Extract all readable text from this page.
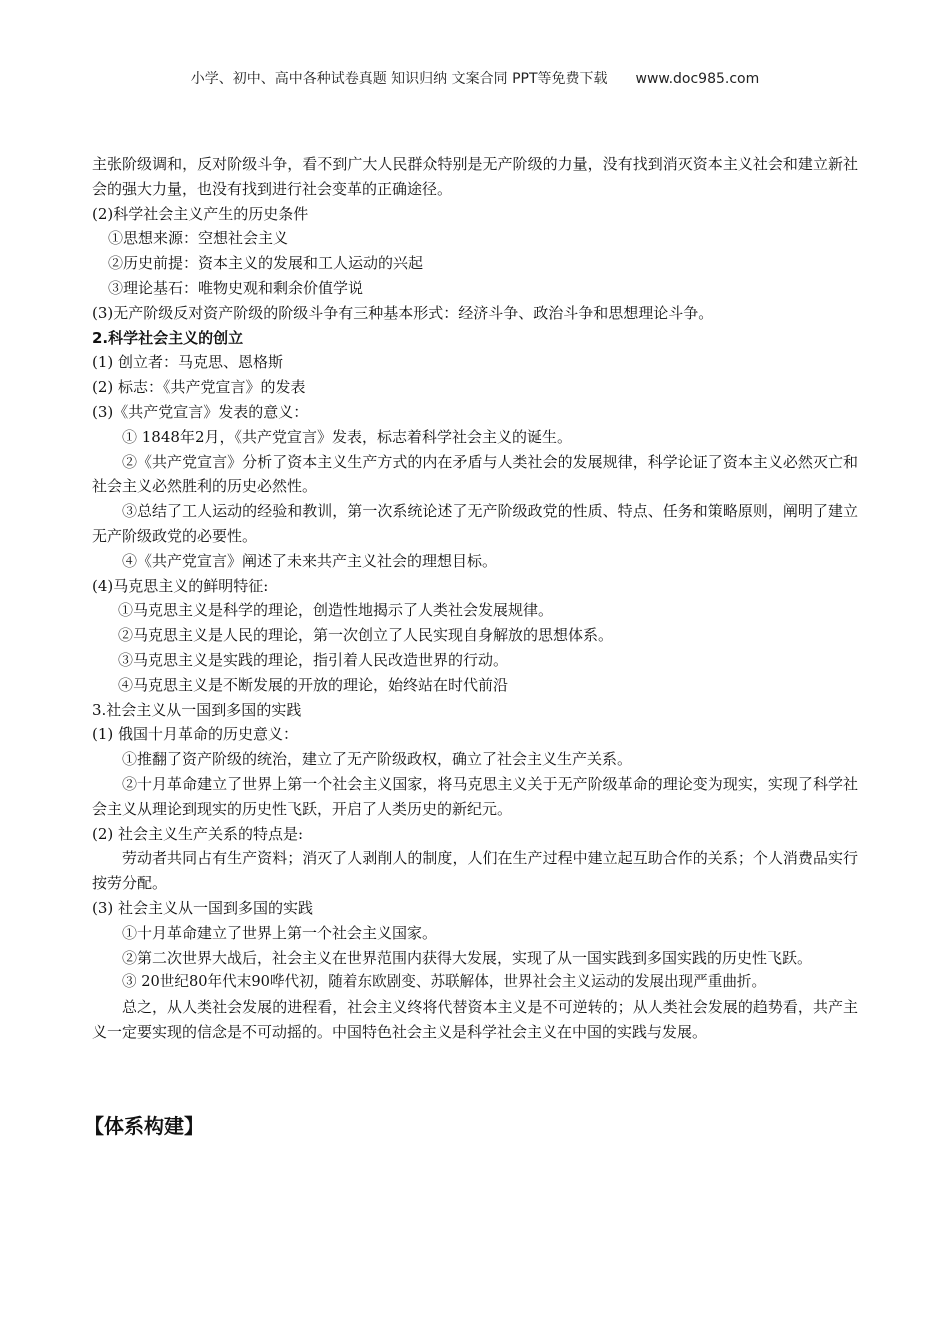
小学、初中、高中各种试卷真题 知识归纳 文案合同 PPT等免费下载 www.doc985.com

主张阶级调和，反对阶级斗争，看不到广大人民群众特别是无产阶级的力量，没有找到消灭资本主义社会和建立新社会的强大力量，也没有找到进行社会变革的正确途径。

(2)科学社会主义产生的历史条件

①思想来源：空想社会主义

②历史前提：资本主义的发展和工人运动的兴起

③理论基石：唯物史观和剩余价值学说

(3)无产阶级反对资产阶级的阶级斗争有三种基本形式：经济斗争、政治斗争和思想理论斗争。

2.科学社会主义的创立

(1) 创立者：马克思、恩格斯

(2) 标志：《共产党宣言》的发表

(3)《共产党宣言》发表的意义：

① 1848年2月，《共产党宣言》发表，标志着科学社会主义的诞生。

②《共产党宣言》分析了资本主义生产方式的内在矛盾与人类社会的发展规律，科学论证了资本主义必然灭亡和社会主义必然胜利的历史必然性。

③总结了工人运动的经验和教训，第一次系统论述了无产阶级政党的性质、特点、任务和策略原则，阐明了建立无产阶级政党的必要性。

④《共产党宣言》阐述了未来共产主义社会的理想目标。

(4)马克思主义的鲜明特征:

①马克思主义是科学的理论，创造性地揭示了人类社会发展规律。

②马克思主义是人民的理论，第一次创立了人民实现自身解放的思想体系。

③马克思主义是实践的理论，指引着人民改造世界的行动。

④马克思主义是不断发展的开放的理论，始终站在时代前沿

3.社会主义从一国到多国的实践

(1) 俄国十月革命的历史意义：

①推翻了资产阶级的统治，建立了无产阶级政权，确立了社会主义生产关系。

②十月革命建立了世界上第一个社会主义国家，将马克思主义关于无产阶级革命的理论变为现实，实现了科学社会主义从理论到现实的历史性飞跃，开启了人类历史的新纪元。

(2) 社会主义生产关系的特点是:

劳动者共同占有生产资料；消灭了人剥削人的制度，人们在生产过程中建立起互助合作的关系；个人消费品实行按劳分配。

(3) 社会主义从一国到多国的实践

①十月革命建立了世界上第一个社会主义国家。

②第二次世界大战后，社会主义在世界范围内获得大发展，实现了从一国实践到多国实践的历史性飞跃。

③ 20世纪80年代末90哗代初，随着东欧剧变、苏联解体，世界社会主义运动的发展出现严重曲折。

总之，从人类社会发展的进程看，社会主义终将代替资本主义是不可逆转的；从人类社会发展的趋势看，共产主义一定要实现的信念是不可动摇的。中国特色社会主义是科学社会主义在中国的实践与发展。

【体系构建】
